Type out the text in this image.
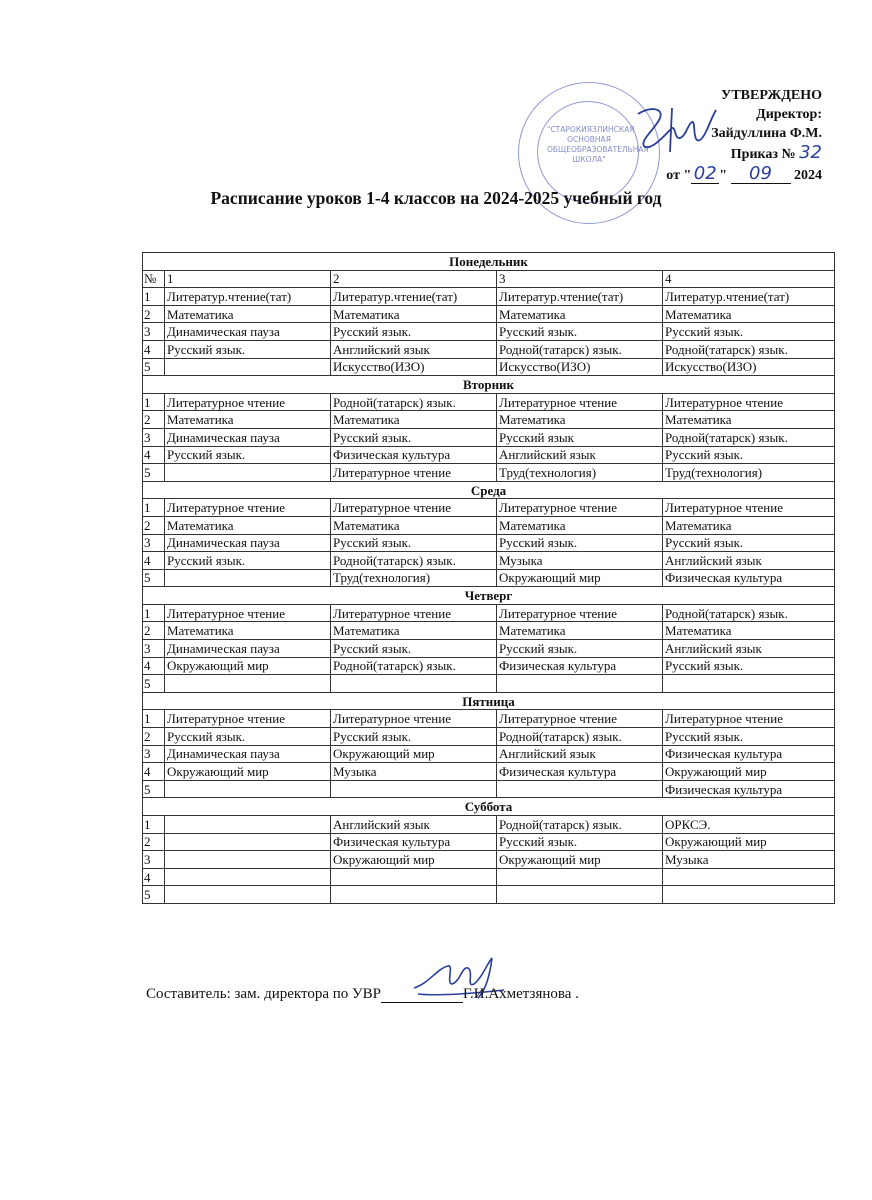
"СТАРОКИЯЗЛИНСКАЯ ОСНОВНАЯ ОБЩЕОБРАЗОВАТЕЛЬНАЯ ШКОЛА"
УТВЕРЖДЕНО
Директор:
Зайдуллина Ф.М.
Приказ № 32
от " 02 " 09 2024
Расписание уроков 1-4 классов на 2024-2025 учебный год
Понедельник				
№	1	2	3	4
1	Литератур.чтение(тат)	Литератур.чтение(тат)	Литератур.чтение(тат)	Литератур.чтение(тат)
2	Математика	Математика	Математика	Математика
3	Динамическая пауза	Русский язык.	Русский язык.	Русский язык.
4	Русский язык.	Английский язык	Родной(татарск) язык.	Родной(татарск) язык.
5		Искусство(ИЗО)	Искусство(ИЗО)	Искусство(ИЗО)
Вторник				
1	Литературное чтение	Родной(татарск) язык.	Литературное чтение	Литературное чтение
2	Математика	Математика	Математика	Математика
3	Динамическая пауза	Русский язык.	Русский язык	Родной(татарск) язык.
4	Русский язык.	Физическая культура	Английский язык	Русский язык.
5		Литературное чтение	Труд(технология)	Труд(технология)
Среда				
1	Литературное чтение	Литературное чтение	Литературное чтение	Литературное чтение
2	Математика	Математика	Математика	Математика
3	Динамическая пауза	Русский язык.	Русский язык.	Русский язык.
4	Русский язык.	Родной(татарск) язык.	Музыка	Английский язык
5		Труд(технология)	Окружающий мир	Физическая культура
Четверг				
1	Литературное чтение	Литературное чтение	Литературное чтение	Родной(татарск) язык.
2	Математика	Математика	Математика	Математика
3	Динамическая пауза	Русский язык.	Русский язык.	Английский язык
4	Окружающий мир	Родной(татарск) язык.	Физическая культура	Русский язык.
5				
Пятница				
1	Литературное чтение	Литературное чтение	Литературное чтение	Литературное чтение
2	Русский язык.	Русский язык.	Родной(татарск) язык.	Русский язык.
3	Динамическая пауза	Окружающий мир	Английский язык	Физическая культура
4	Окружающий мир	Музыка	Физическая культура	Окружающий мир
5				Физическая культура
Суббота				
1		Английский язык	Родной(татарск) язык.	ОРКСЭ.
2		Физическая культура	Русский язык.	Окружающий мир
3		Окружающий мир	Окружающий мир	Музыка
4				
5				
Составитель: зам. директора по УВР	Г.И.Ахметзянова .
